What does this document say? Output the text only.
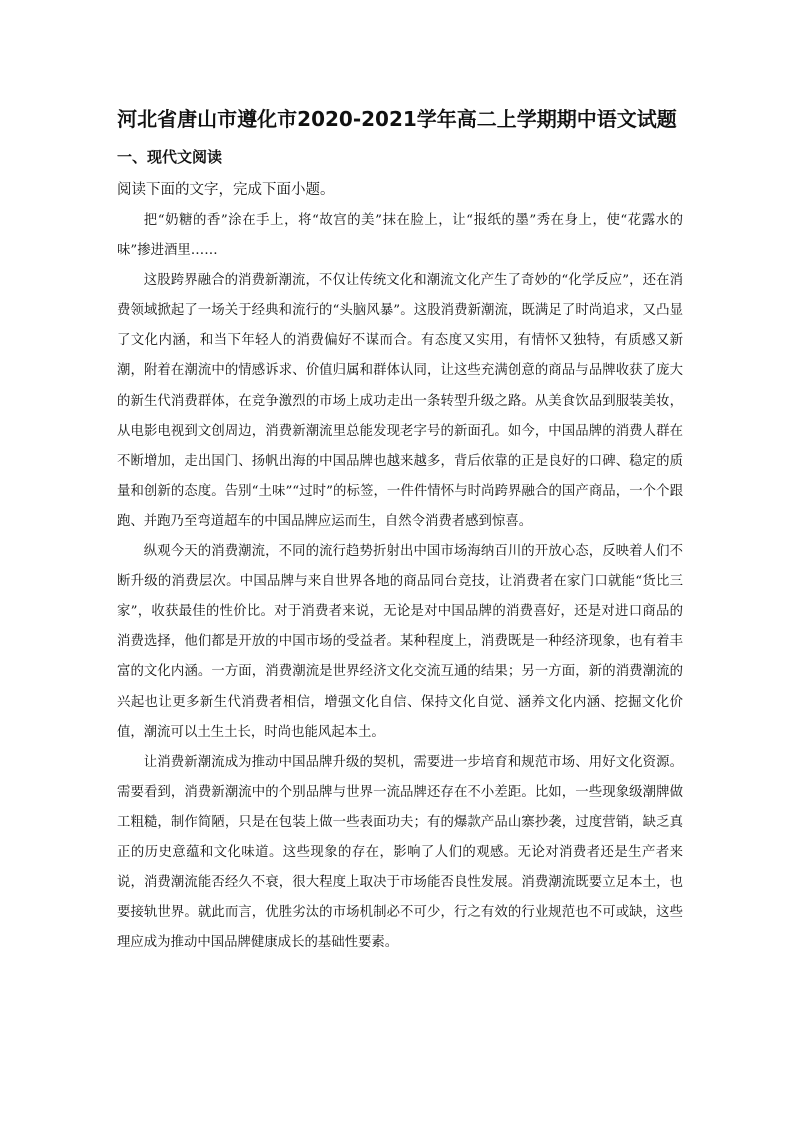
河北省唐山市遵化市2020-2021学年高二上学期期中语文试题
一、现代文阅读
阅读下面的文字，完成下面小题。

把“奶糖的香”涂在手上，将“故宫的美”抹在脸上，让“报纸的墨”秀在身上，使“花露水的味”掺进酒里……

这股跨界融合的消费新潮流，不仅让传统文化和潮流文化产生了奇妙的“化学反应”，还在消费领域掀起了一场关于经典和流行的“头脑风暴”。这股消费新潮流，既满足了时尚追求，又凸显了文化内涵，和当下年轻人的消费偏好不谋而合。有态度又实用，有情怀又独特，有质感又新潮，附着在潮流中的情感诉求、价值归属和群体认同，让这些充满创意的商品与品牌收获了庞大的新生代消费群体，在竞争激烈的市场上成功走出一条转型升级之路。从美食饮品到服装美妆，从电影电视到文创周边，消费新潮流里总能发现老字号的新面孔。如今，中国品牌的消费人群在不断增加，走出国门、扬帆出海的中国品牌也越来越多，背后依靠的正是良好的口碑、稳定的质量和创新的态度。告别“土味”“过时”的标签，一件件情怀与时尚跨界融合的国产商品，一个个跟跑、并跑乃至弯道超车的中国品牌应运而生，自然令消费者感到惊喜。

纵观今天的消费潮流，不同的流行趋势折射出中国市场海纳百川的开放心态，反映着人们不断升级的消费层次。中国品牌与来自世界各地的商品同台竞技，让消费者在家门口就能“货比三家”，收获最佳的性价比。对于消费者来说，无论是对中国品牌的消费喜好，还是对进口商品的消费选择，他们都是开放的中国市场的受益者。某种程度上，消费既是一种经济现象，也有着丰富的文化内涵。一方面，消费潮流是世界经济文化交流互通的结果；另一方面，新的消费潮流的兴起也让更多新生代消费者相信，增强文化自信、保持文化自觉、涵养文化内涵、挖掘文化价值，潮流可以土生土长，时尚也能风起本土。

让消费新潮流成为推动中国品牌升级的契机，需要进一步培育和规范市场、用好文化资源。需要看到，消费新潮流中的个别品牌与世界一流品牌还存在不小差距。比如，一些现象级潮牌做工粗糙，制作简陋，只是在包装上做一些表面功夫；有的爆款产品山寨抄袭，过度营销，缺乏真正的历史意蕴和文化味道。这些现象的存在，影响了人们的观感。无论对消费者还是生产者来说，消费潮流能否经久不衰，很大程度上取决于市场能否良性发展。消费潮流既要立足本土，也要接轨世界。就此而言，优胜劣汰的市场机制必不可少，行之有效的行业规范也不可或缺，这些理应成为推动中国品牌健康成长的基础性要素。
